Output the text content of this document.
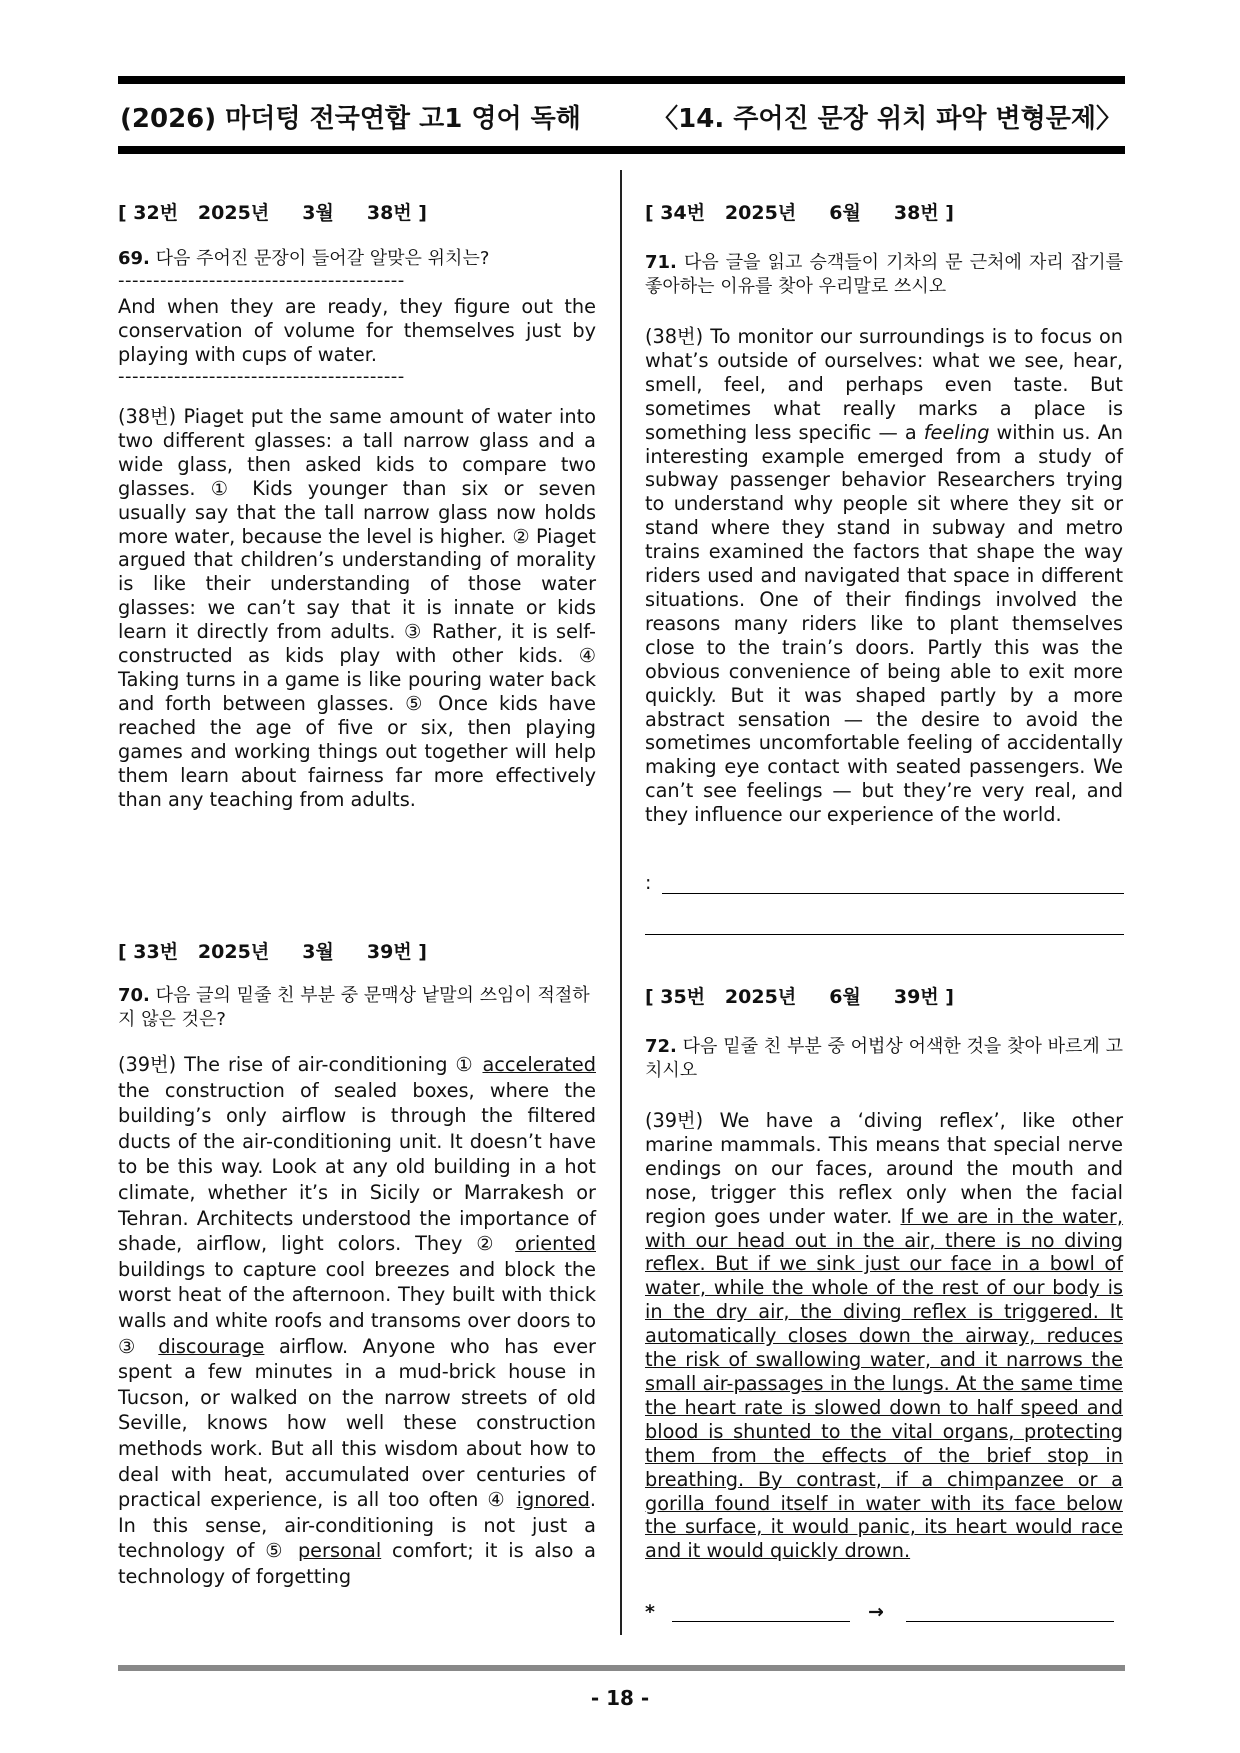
(2026) 마더텅 전국연합 고1 영어 독해	〈14. 주어진 문장 위치 파악 변형문제〉
[ 32번   2025년     3월     38번 ]
69. 다음 주어진 문장이 들어갈 알맞은 위치는?
-----------------------------------------
And when they are ready, they figure out the conservation of volume for themselves just by playing with cups of water.
-----------------------------------------
(38번) Piaget put the same amount of water into two different glasses: a tall narrow glass and a wide glass, then asked kids to compare two glasses. ① Kids younger than six or seven usually say that the tall narrow glass now holds more water, because the level is higher. ② Piaget argued that children’s understanding of morality is like their understanding of those water glasses: we can’t say that it is innate or kids learn it directly from adults. ③ Rather, it is self-constructed as kids play with other kids. ④ Taking turns in a game is like pouring water back and forth between glasses. ⑤ Once kids have reached the age of five or six, then playing games and working things out together will help them learn about fairness far more effectively than any teaching from adults.
[ 33번   2025년     3월     39번 ]
70. 다음 글의 밑줄 친 부분 중 문맥상 낱말의 쓰임이 적절하지 않은 것은?
(39번) The rise of air-conditioning ① accelerated the construction of sealed boxes, where the building’s only airflow is through the filtered ducts of the air-conditioning unit. It doesn’t have to be this way. Look at any old building in a hot climate, whether it’s in Sicily or Marrakesh or Tehran. Architects understood the importance of shade, airflow, light colors. They ② oriented buildings to capture cool breezes and block the worst heat of the afternoon. They built with thick walls and white roofs and transoms over doors to ③ discourage airflow. Anyone who has ever spent a few minutes in a mud-brick house in Tucson, or walked on the narrow streets of old Seville, knows how well these construction methods work. But all this wisdom about how to deal with heat, accumulated over centuries of practical experience, is all too often ④ ignored. In this sense, air-conditioning is not just a technology of ⑤ personal comfort; it is also a technology of forgetting
[ 34번   2025년     6월     38번 ]
71. 다음 글을 읽고 승객들이 기차의 문 근처에 자리 잡기를 좋아하는 이유를 찾아 우리말로 쓰시오
(38번) To monitor our surroundings is to focus on what’s outside of ourselves: what we see, hear, smell, feel, and perhaps even taste. But sometimes what really marks a place is something less specific — a feeling within us. An interesting example emerged from a study of subway passenger behavior Researchers trying to understand why people sit where they sit or stand where they stand in subway and metro trains examined the factors that shape the way riders used and navigated that space in different situations. One of their findings involved the reasons many riders like to plant themselves close to the train’s doors. Partly this was the obvious convenience of being able to exit more quickly. But it was shaped partly by a more abstract sensation — the desire to avoid the sometimes uncomfortable feeling of accidentally making eye contact with seated passengers. We can’t see feelings — but they’re very real, and they influence our experience of the world.
:
[ 35번   2025년     6월     39번 ]
72. 다음 밑줄 친 부분 중 어법상 어색한 것을 찾아 바르게 고치시오
(39번) We have a ‘diving reflex’, like other marine mammals. This means that special nerve endings on our faces, around the mouth and nose, trigger this reflex only when the facial region goes under water. If we are in the water, with our head out in the air, there is no diving reflex. But if we sink just our face in a bowl of water, while the whole of the rest of our body is in the dry air, the diving reflex is triggered. It automatically closes down the airway, reduces the risk of swallowing water, and it narrows the small air-passages in the lungs. At the same time the heart rate is slowed down to half speed and blood is shunted to the vital organs, protecting them from the effects of the brief stop in breathing. By contrast, if a chimpanzee or a gorilla found itself in water with its face below the surface, it would panic, its heart would race and it would quickly drown.
*	→
- 18 -
